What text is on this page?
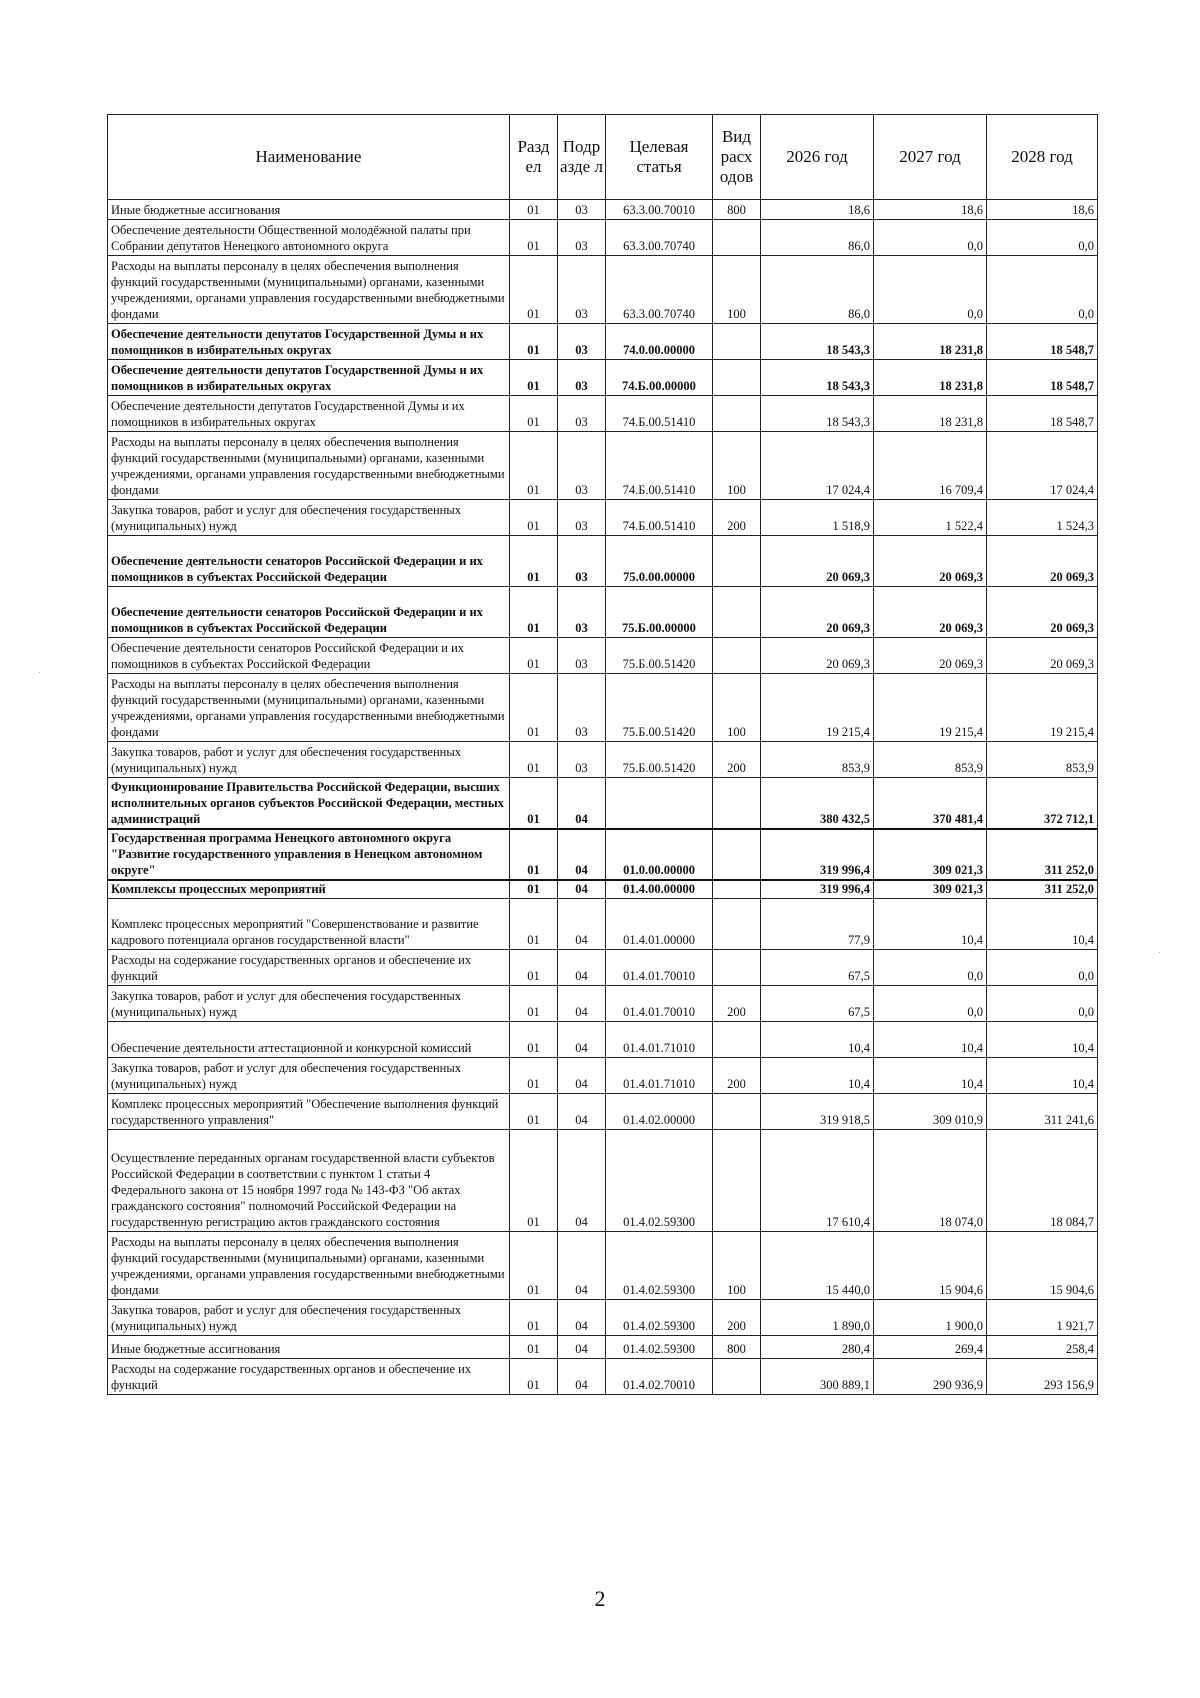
Наименование	Разд ел	Подр азде л	Целевая статья	Вид расх одов	2026 год	2027 год	2028 год
Иные бюджетные ассигнования	01	03	63.3.00.70010	800	18,6	18,6	18,6
Обеспечение деятельности Общественной молодёжной палаты при Собрании депутатов Ненецкого автономного округа	01	03	63.3.00.70740		86,0	0,0	0,0
Расходы на выплаты персоналу в целях обеспечения выполнения функций государственными (муниципальными) органами, казенными учреждениями, органами управления государственными внебюджетными фондами	01	03	63.3.00.70740	100	86,0	0,0	0,0
Обеспечение деятельности депутатов Государственной Думы и их помощников в избирательных округах	01	03	74.0.00.00000		18 543,3	18 231,8	18 548,7
Обеспечение деятельности депутатов Государственной Думы и их помощников в избирательных округах	01	03	74.Б.00.00000		18 543,3	18 231,8	18 548,7
Обеспечение деятельности депутатов Государственной Думы и их помощников в избирательных округах	01	03	74.Б.00.51410		18 543,3	18 231,8	18 548,7
Расходы на выплаты персоналу в целях обеспечения выполнения функций государственными (муниципальными) органами, казенными учреждениями, органами управления государственными внебюджетными фондами	01	03	74.Б.00.51410	100	17 024,4	16 709,4	17 024,4
Закупка товаров, работ и услуг для обеспечения государственных (муниципальных) нужд	01	03	74.Б.00.51410	200	1 518,9	1 522,4	1 524,3
Обеспечение деятельности сенаторов Российской Федерации и их помощников в субъектах Российской Федерации	01	03	75.0.00.00000		20 069,3	20 069,3	20 069,3
Обеспечение деятельности сенаторов Российской Федерации и их помощников в субъектах Российской Федерации	01	03	75.Б.00.00000		20 069,3	20 069,3	20 069,3
Обеспечение деятельности сенаторов Российской Федерации и их помощников в субъектах Российской Федерации	01	03	75.Б.00.51420		20 069,3	20 069,3	20 069,3
Расходы на выплаты персоналу в целях обеспечения выполнения функций государственными (муниципальными) органами, казенными учреждениями, органами управления государственными внебюджетными фондами	01	03	75.Б.00.51420	100	19 215,4	19 215,4	19 215,4
Закупка товаров, работ и услуг для обеспечения государственных (муниципальных) нужд	01	03	75.Б.00.51420	200	853,9	853,9	853,9
Функционирование Правительства Российской Федерации, высших исполнительных органов субъектов Российской Федерации, местных администраций	01	04			380 432,5	370 481,4	372 712,1
Государственная программа Ненецкого автономного округа "Развитие государственного управления в Ненецком автономном округе"	01	04	01.0.00.00000		319 996,4	309 021,3	311 252,0
Комплексы процессных мероприятий	01	04	01.4.00.00000		319 996,4	309 021,3	311 252,0
Комплекс процессных мероприятий "Совершенствование и развитие кадрового потенциала органов государственной власти"	01	04	01.4.01.00000		77,9	10,4	10,4
Расходы на содержание государственных органов и обеспечение их функций	01	04	01.4.01.70010		67,5	0,0	0,0
Закупка товаров, работ и услуг для обеспечения государственных (муниципальных) нужд	01	04	01.4.01.70010	200	67,5	0,0	0,0
Обеспечение деятельности аттестационной и конкурсной комиссий	01	04	01.4.01.71010		10,4	10,4	10,4
Закупка товаров, работ и услуг для обеспечения государственных (муниципальных) нужд	01	04	01.4.01.71010	200	10,4	10,4	10,4
Комплекс процессных мероприятий "Обеспечение выполнения функций государственного управления"	01	04	01.4.02.00000		319 918,5	309 010,9	311 241,6
Осуществление переданных органам государственной власти субъектов Российской Федерации в соответствии с пунктом 1 статьи 4 Федерального закона от 15 ноября 1997 года № 143-ФЗ "Об актах гражданского состояния" полномочий Российской Федерации на государственную регистрацию актов гражданского состояния	01	04	01.4.02.59300		17 610,4	18 074,0	18 084,7
Расходы на выплаты персоналу в целях обеспечения выполнения функций государственными (муниципальными) органами, казенными учреждениями, органами управления государственными внебюджетными фондами	01	04	01.4.02.59300	100	15 440,0	15 904,6	15 904,6
Закупка товаров, работ и услуг для обеспечения государственных (муниципальных) нужд	01	04	01.4.02.59300	200	1 890,0	1 900,0	1 921,7
Иные бюджетные ассигнования	01	04	01.4.02.59300	800	280,4	269,4	258,4
Расходы на содержание государственных органов и обеспечение их функций	01	04	01.4.02.70010		300 889,1	290 936,9	293 156,9
2
·
·
